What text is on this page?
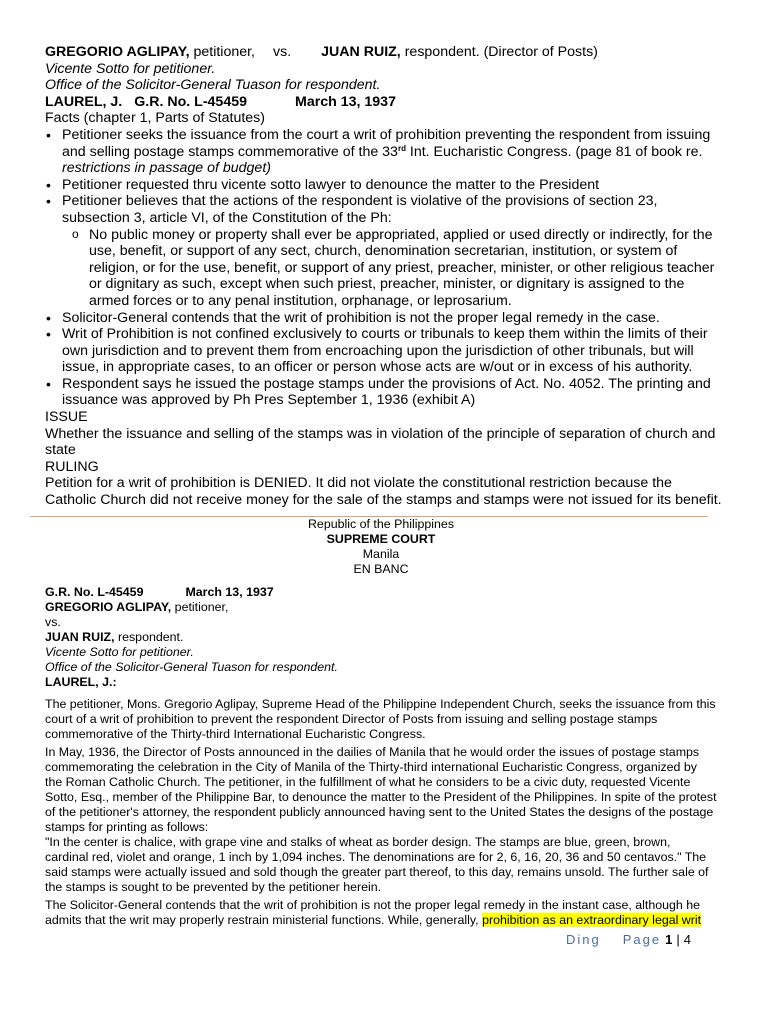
GREGORIO AGLIPAY, petitioner, vs. JUAN RUIZ, respondent. (Director of Posts)

Vicente Sotto for petitioner.

Office of the Solicitor-General Tuason for respondent.

LAUREL, J. G.R. No. L-45459	March 13, 1937

Facts (chapter 1, Parts of Statutes)

• Petitioner seeks the issuance from the court a writ of prohibition preventing the respondent from issuing and selling postage stamps commemorative of the 33rd Int. Eucharistic Congress. (page 81 of book re. restrictions in passage of budget)
• Petitioner requested thru vicente sotto lawyer to denounce the matter to the President
• Petitioner believes that the actions of the respondent is violative of the provisions of section 23, subsection 3, article VI, of the Constitution of the Ph:
o No public money or property shall ever be appropriated, applied or used directly or indirectly, for the use, benefit, or support of any sect, church, denomination secretarian, institution, or system of religion, or for the use, benefit, or support of any priest, preacher, minister, or other religious teacher or dignitary as such, except when such priest, preacher, minister, or dignitary is assigned to the armed forces or to any penal institution, orphanage, or leprosarium.
• Solicitor-General contends that the writ of prohibition is not the proper legal remedy in the case.
• Writ of Prohibition is not confined exclusively to courts or tribunals to keep them within the limits of their own jurisdiction and to prevent them from encroaching upon the jurisdiction of other tribunals, but will issue, in appropriate cases, to an officer or person whose acts are w/out or in excess of his authority.
• Respondent says he issued the postage stamps under the provisions of Act. No. 4052. The printing and issuance was approved by Ph Pres September 1, 1936 (exhibit A)

ISSUE

Whether the issuance and selling of the stamps was in violation of the principle of separation of church and state

RULING

Petition for a writ of prohibition is DENIED. It did not violate the constitutional restriction because the Catholic Church did not receive money for the sale of the stamps and stamps were not issued for its benefit.

Republic of the Philippines

SUPREME COURT

Manila

EN BANC

G.R. No. L-45459	March 13, 1937

GREGORIO AGLIPAY, petitioner,

vs.

JUAN RUIZ, respondent.

Vicente Sotto for petitioner.

Office of the Solicitor-General Tuason for respondent.

LAUREL, J.:

The petitioner, Mons. Gregorio Aglipay, Supreme Head of the Philippine Independent Church, seeks the issuance from this court of a writ of prohibition to prevent the respondent Director of Posts from issuing and selling postage stamps commemorative of the Thirty-third International Eucharistic Congress.

In May, 1936, the Director of Posts announced in the dailies of Manila that he would order the issues of postage stamps commemorating the celebration in the City of Manila of the Thirty-third international Eucharistic Congress, organized by the Roman Catholic Church. The petitioner, in the fulfillment of what he considers to be a civic duty, requested Vicente Sotto, Esq., member of the Philippine Bar, to denounce the matter to the President of the Philippines. In spite of the protest of the petitioner's attorney, the respondent publicly announced having sent to the United States the designs of the postage stamps for printing as follows:

"In the center is chalice, with grape vine and stalks of wheat as border design. The stamps are blue, green, brown, cardinal red, violet and orange, 1 inch by 1,094 inches. The denominations are for 2, 6, 16, 20, 36 and 50 centavos." The said stamps were actually issued and sold though the greater part thereof, to this day, remains unsold. The further sale of the stamps is sought to be prevented by the petitioner herein.

The Solicitor-General contends that the writ of prohibition is not the proper legal remedy in the instant case, although he admits that the writ may properly restrain ministerial functions. While, generally, prohibition as an extraordinary legal writ

Ding Page 1 | 4
